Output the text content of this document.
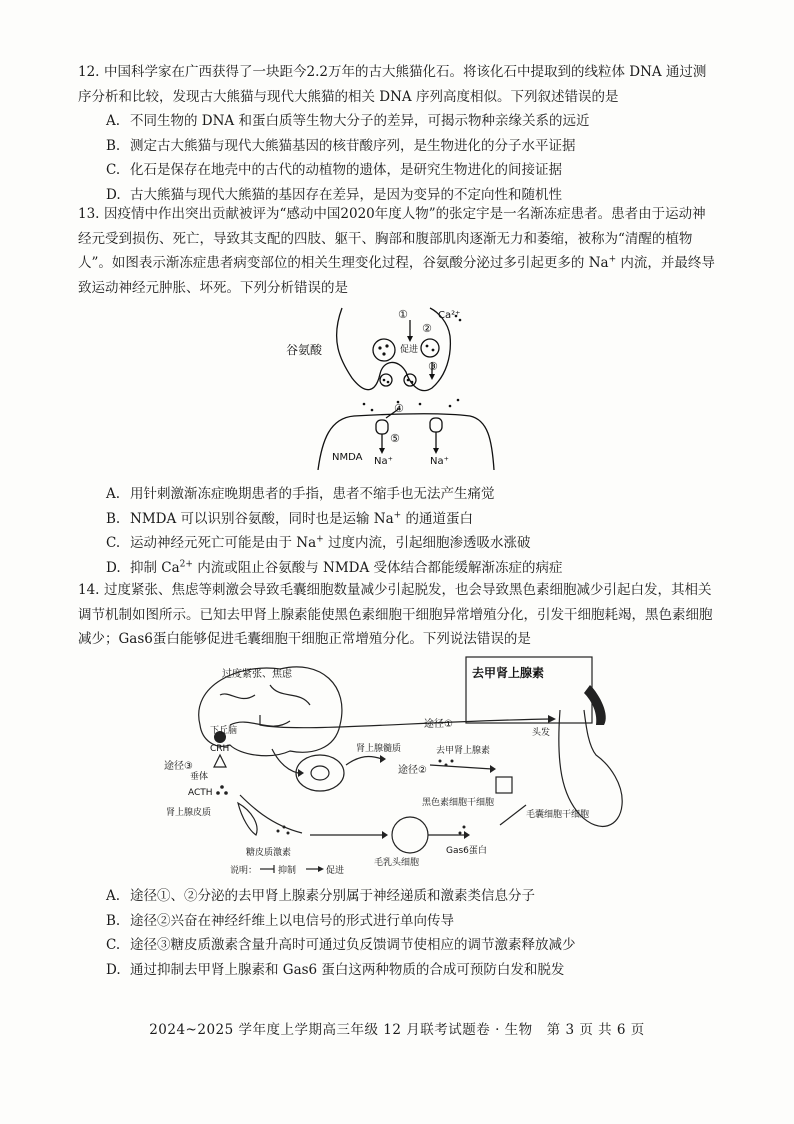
12. 中国科学家在广西获得了一块距今2.2万年的古大熊猫化石。将该化石中提取到的线粒体 DNA 通过测序分析和比较，发现古大熊猫与现代大熊猫的相关 DNA 序列高度相似。下列叙述错误的是

A. 不同生物的 DNA 和蛋白质等生物大分子的差异，可揭示物种亲缘关系的远近

B. 测定古大熊猫与现代大熊猫基因的核苷酸序列，是生物进化的分子水平证据

C. 化石是保存在地壳中的古代的动植物的遗体，是研究生物进化的间接证据

D. 古大熊猫与现代大熊猫的基因存在差异，是因为变异的不定向性和随机性

13. 因疫情中作出突出贡献被评为“感动中国2020年度人物”的张定宇是一名渐冻症患者。患者由于运动神经元受到损伤、死亡，导致其支配的四肢、躯干、胸部和腹部肌肉逐渐无力和萎缩，被称为“清醒的植物人”。如图表示渐冻症患者病变部位的相关生理变化过程，谷氨酸分泌过多引起更多的 Na+ 内流，并最终导致运动神经元肿胀、坏死。下列分析错误的是

谷氨酸
Ca²⁺
促进
①
②
③
④
⑤
NMDA Na⁺	Na⁺

A. 用针刺激渐冻症晚期患者的手指，患者不缩手也无法产生痛觉

B. NMDA 可以识别谷氨酸，同时也是运输 Na+ 的通道蛋白

C. 运动神经元死亡可能是由于 Na+ 过度内流，引起细胞渗透吸水涨破

D. 抑制 $Ca^{2+}$ 内流或阻止谷氨酸与 NMDA 受体结合都能缓解渐冻症的病症

14. 过度紧张、焦虑等刺激会导致毛囊细胞数量减少引起脱发，也会导致黑色素细胞减少引起白发，其相关调节机制如图所示。已知去甲肾上腺素能使黑色素细胞干细胞异常增殖分化，引发干细胞耗竭，黑色素细胞减少；Gas6蛋白能够促进毛囊细胞干细胞正常增殖分化。下列说法错误的是

过度紧张、焦虑
下丘脑
CRH
途径③
垂体
ACTH
肾上腺皮质
糖皮质激素
途径①
肾上腺髓质
途径②
去甲肾上腺素
去甲肾上腺素
头发
黑色素细胞干细胞
毛囊细胞干细胞
毛乳头细胞
Gas6蛋白
说明： 抑制	促进

A. 途径①、②分泌的去甲肾上腺素分别属于神经递质和激素类信息分子

B. 途径②兴奋在神经纤维上以电信号的形式进行单向传导

C. 途径③糖皮质激素含量升高时可通过负反馈调节使相应的调节激素释放减少

D. 通过抑制去甲肾上腺素和 Gas6 蛋白这两种物质的合成可预防白发和脱发

2024~2025 学年度上学期高三年级 12 月联考试题卷 · 生物　第 3 页 共 6 页
